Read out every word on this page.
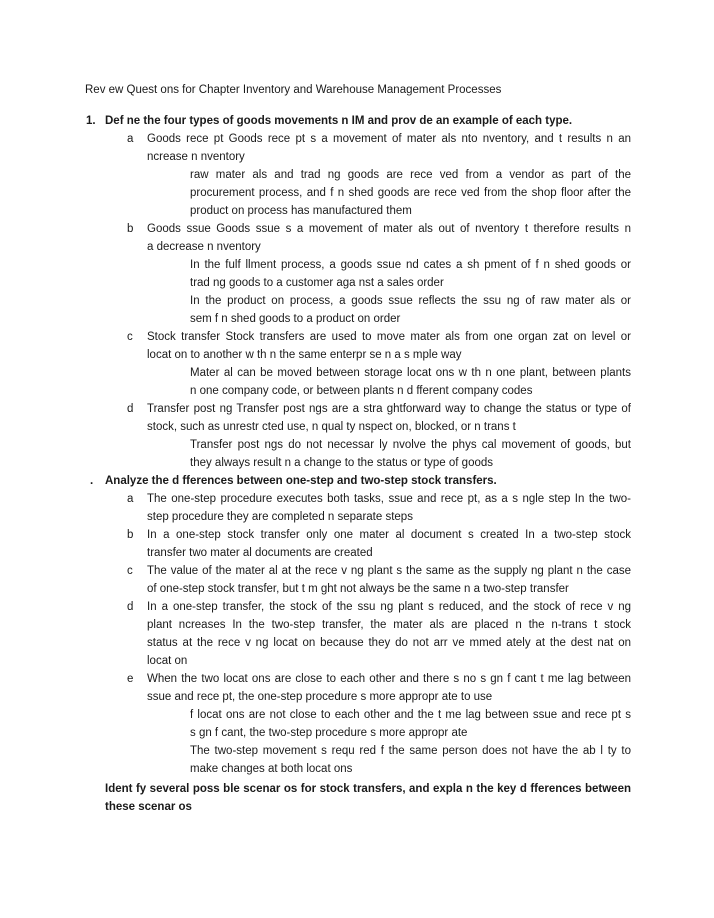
Rev ew Quest ons for Chapter Inventory and Warehouse Management Processes
1. Def ne the four types of goods movements n IM and prov de an example of each type.
a Goods rece pt Goods rece pt s a movement of mater als nto nventory, and t results n an
ncrease n nventory
raw mater als and trad ng goods are rece ved from a vendor as part of the
procurement process, and f n shed goods are rece ved from the shop floor after the
product on process has manufactured them
b Goods ssue Goods ssue s a movement of mater als out of nventory t therefore results n
a decrease n nventory
In the fulf llment process, a goods ssue nd cates a sh pment of f n shed goods or
trad ng goods to a customer aga nst a sales order
In the product on process, a goods ssue reflects the ssu ng of raw mater als or
sem f n shed goods to a product on order
c Stock transfer Stock transfers are used to move mater als from one organ zat on level or
locat on to another w th n the same enterpr se n a s mple way
Mater al can be moved between storage locat ons w th n one plant, between plants
n one company code, or between plants n d fferent company codes
d Transfer post ng Transfer post ngs are a stra ghtforward way to change the status or type of
stock, such as unrestr cted use, n qual ty nspect on, blocked, or n trans t
Transfer post ngs do not necessar ly nvolve the phys cal movement of goods, but
they always result n a change to the status or type of goods
. Analyze the d fferences between one-step and two-step stock transfers.
a The one-step procedure executes both tasks, ssue and rece pt, as a s ngle step In the two-
step procedure they are completed n separate steps
b In a one-step stock transfer only one mater al document s created In a two-step stock
transfer two mater al documents are created
c The value of the mater al at the rece v ng plant s the same as the supply ng plant n the case
of one-step stock transfer, but t m ght not always be the same n a two-step transfer
d In a one-step transfer, the stock of the ssu ng plant s reduced, and the stock of rece v ng
plant ncreases In the two-step transfer, the mater als are placed n the n-trans t stock
status at the rece v ng locat on because they do not arr ve mmed ately at the dest nat on
locat on
e When the two locat ons are close to each other and there s no s gn f cant t me lag between
ssue and rece pt, the one-step procedure s more appropr ate to use
f locat ons are not close to each other and the t me lag between ssue and rece pt s
s gn f cant, the two-step procedure s more appropr ate
The two-step movement s requ red f the same person does not have the ab l ty to
make changes at both locat ons
Ident fy several poss ble scenar os for stock transfers, and expla n the key d fferences between
these scenar os
